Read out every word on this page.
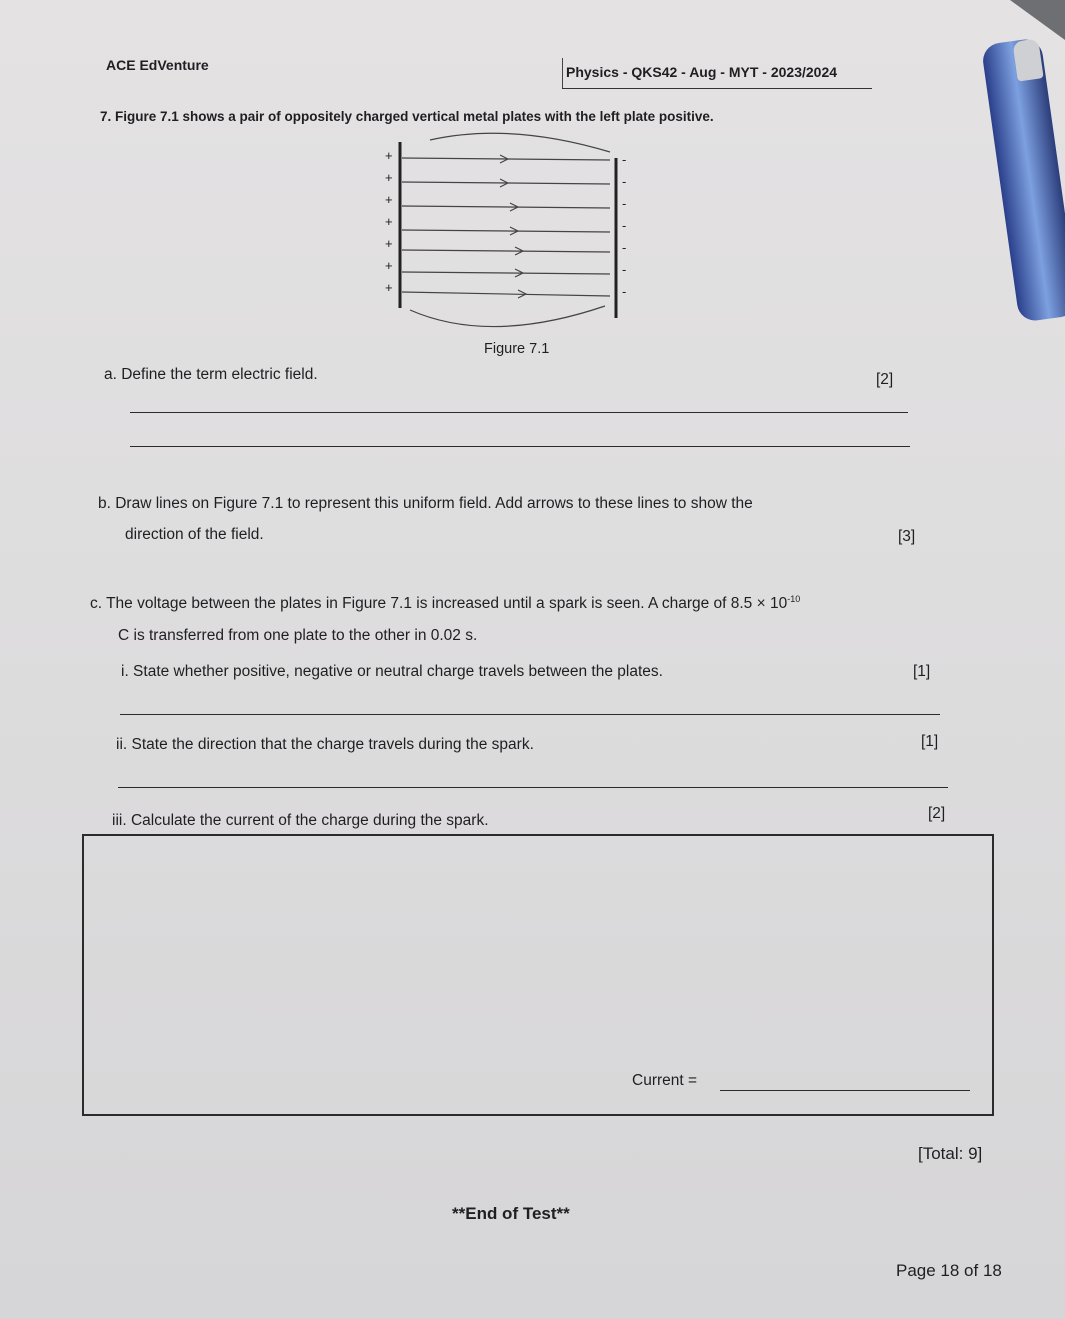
ACE EdVenture	Physics - QKS42 - Aug - MYT - 2023/2024
7. Figure 7.1 shows a pair of oppositely charged vertical metal plates with the left plate positive.
+
+
+
+
+
+
+
-
-
-
-
-
-
-
Figure 7.1
a. Define the term electric field.	[2]
b. Draw lines on Figure 7.1 to represent this uniform field. Add arrows to these lines to show the
direction of the field.	[3]
c. The voltage between the plates in Figure 7.1 is increased until a spark is seen. A charge of $8.5 \times 10^{-10}$
C is transferred from one plate to the other in 0.02 s.
i. State whether positive, negative or neutral charge travels between the plates.	[1]
ii. State the direction that the charge travels during the spark.	[1]
iii. Calculate the current of the charge during the spark.	[2]
Current =
[Total: 9]
**End of Test**
Page 18 of 18
